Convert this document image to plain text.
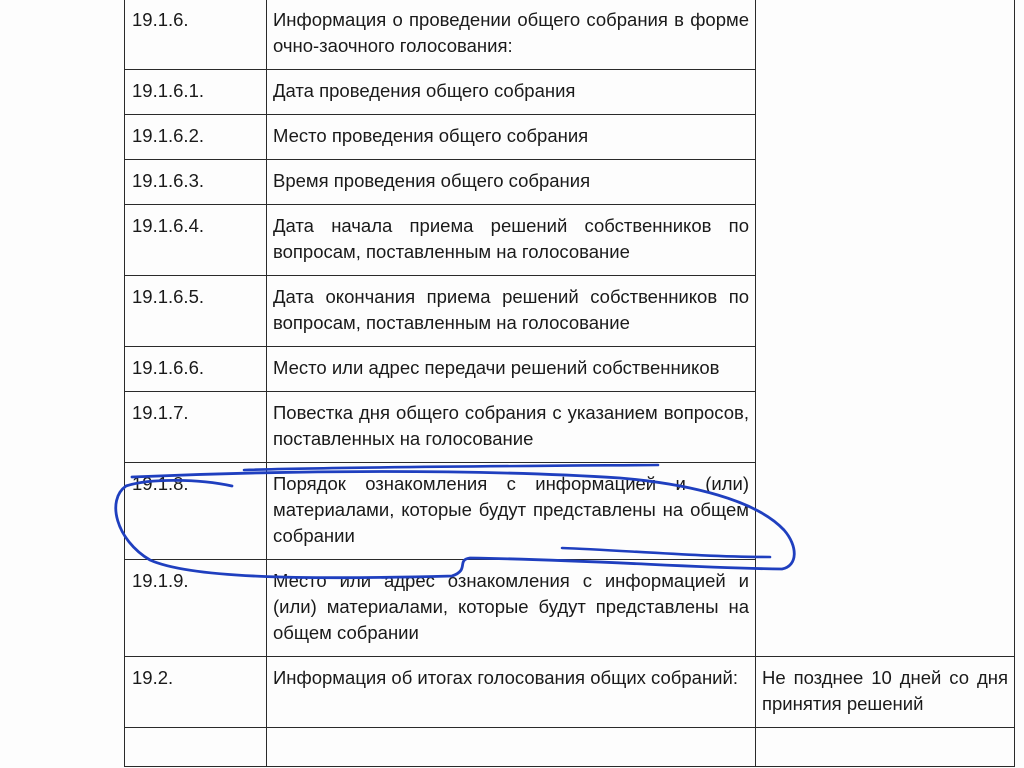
19.1.6.	Информация о проведении общего собрания в форме очно-заочного голосования:	
19.1.6.1.	Дата проведения общего собрания	
19.1.6.2.	Место проведения общего собрания	
19.1.6.3.	Время проведения общего собрания	
19.1.6.4.	Дата начала приема решений собственников по вопросам, поставленным на голосование	
19.1.6.5.	Дата окончания приема решений собственников по вопросам, поставленным на голосование	
19.1.6.6.	Место или адрес передачи решений собственников	
19.1.7.	Повестка дня общего собрания с указанием вопросов, поставленных на голосование	
19.1.8.	Порядок ознакомления с информацией и (или) материалами, которые будут представлены на общем собрании	
19.1.9.	Место или адрес ознакомления с информацией и (или) материалами, которые будут представлены на общем собрании	
19.2.	Информация об итогах голосования общих собраний:	Не позднее 10 дней со дня принятия решений
